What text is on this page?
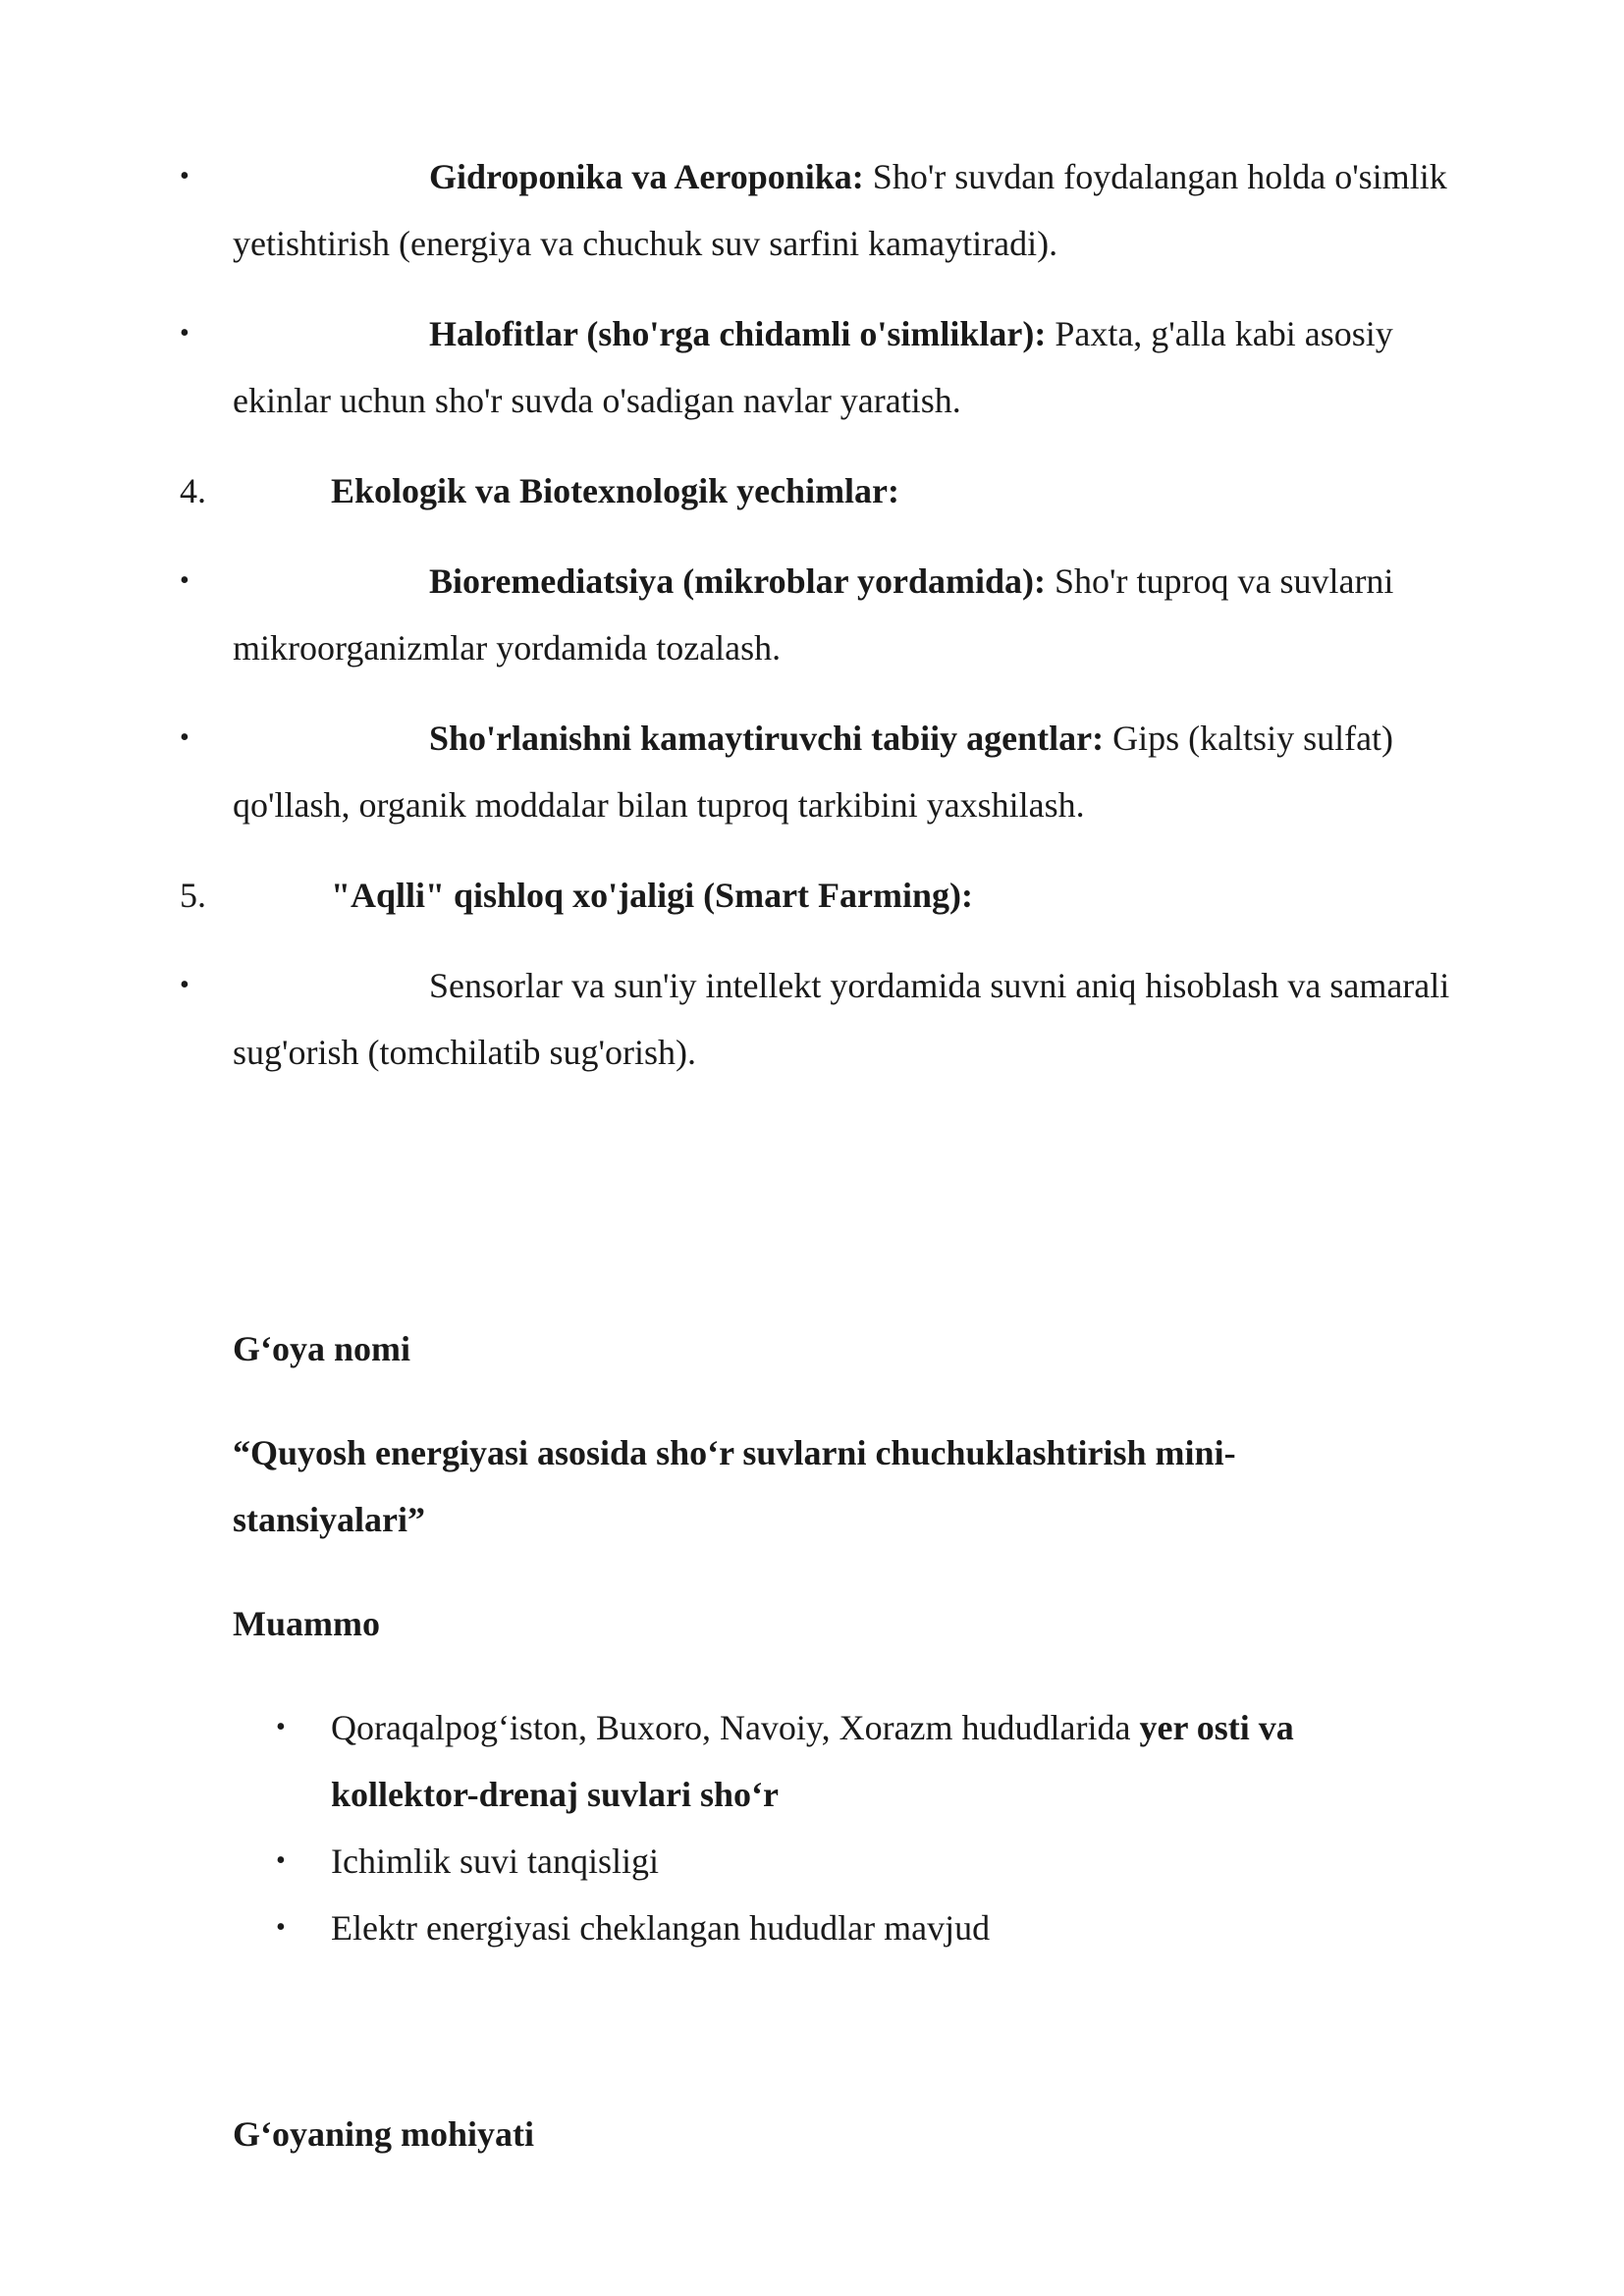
•	Gidroponika va Aeroponika: Sho'r suvdan foydalangan holda o'simlik yetishtirish (energiya va chuchuk suv sarfini kamaytiradi).
•	Halofitlar (sho'rga chidamli o'simliklar): Paxta, g'alla kabi asosiy ekinlar uchun sho'r suvda o'sadigan navlar yaratish.
4.	Ekologik va Biotexnologik yechimlar:
•	Bioremediatsiya (mikroblar yordamida): Sho'r tuproq va suvlarni mikroorganizmlar yordamida tozalash.
•	Sho'rlanishni kamaytiruvchi tabiiy agentlar: Gips (kaltsiy sulfat) qo'llash, organik moddalar bilan tuproq tarkibini yaxshilash.
5.	"Aqlli" qishloq xo'jaligi (Smart Farming):
•	Sensorlar va sun'iy intellekt yordamida suvni aniq hisoblash va samarali sug'orish (tomchilatib sug'orish).
G‘oya nomi
“Quyosh energiyasi asosida sho‘r suvlarni chuchuklashtirish mini-stansiyalari”
Muammo
• Qoraqalpog‘iston, Buxoro, Navoiy, Xorazm hududlarida yer osti va kollektor-drenaj suvlari sho‘r
• Ichimlik suvi tanqisligi
• Elektr energiyasi cheklangan hududlar mavjud
G‘oyaning mohiyati
